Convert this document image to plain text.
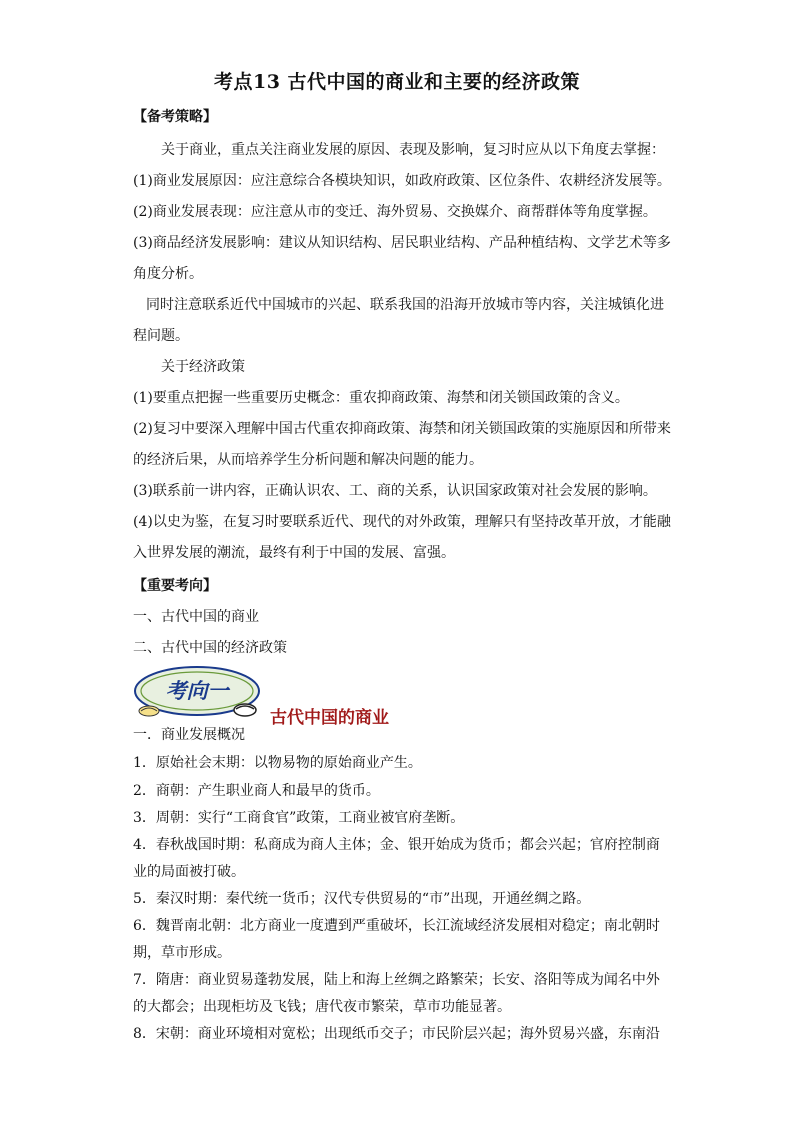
考点13 古代中国的商业和主要的经济政策
【备考策略】
关于商业，重点关注商业发展的原因、表现及影响，复习时应从以下角度去掌握：
(1)商业发展原因：应注意综合各模块知识，如政府政策、区位条件、农耕经济发展等。
(2)商业发展表现：应注意从市的变迁、海外贸易、交换媒介、商帮群体等角度掌握。
(3)商品经济发展影响：建议从知识结构、居民职业结构、产品种植结构、文学艺术等多
角度分析。
同时注意联系近代中国城市的兴起、联系我国的沿海开放城市等内容，关注城镇化进
程问题。
关于经济政策
(1)要重点把握一些重要历史概念：重农抑商政策、海禁和闭关锁国政策的含义。
(2)复习中要深入理解中国古代重农抑商政策、海禁和闭关锁国政策的实施原因和所带来
的经济后果，从而培养学生分析问题和解决问题的能力。
(3)联系前一讲内容，正确认识农、工、商的关系，认识国家政策对社会发展的影响。
(4)以史为鉴，在复习时要联系近代、现代的对外政策，理解只有坚持改革开放，才能融
入世界发展的潮流，最终有利于中国的发展、富强。
【重要考向】
一、古代中国的商业
二、古代中国的经济政策
考向一
古代中国的商业
一．商业发展概况
1．原始社会末期：以物易物的原始商业产生。
2．商朝：产生职业商人和最早的货币。
3．周朝：实行“工商食官”政策，工商业被官府垄断。
4．春秋战国时期：私商成为商人主体；金、银开始成为货币；都会兴起；官府控制商
业的局面被打破。
5．秦汉时期：秦代统一货币；汉代专供贸易的“市”出现，开通丝绸之路。
6．魏晋南北朝：北方商业一度遭到严重破坏，长江流域经济发展相对稳定；南北朝时
期，草市形成。
7．隋唐：商业贸易蓬勃发展，陆上和海上丝绸之路繁荣；长安、洛阳等成为闻名中外
的大都会；出现柜坊及飞钱；唐代夜市繁荣，草市功能显著。
8．宋朝：商业环境相对宽松；出现纸币交子；市民阶层兴起；海外贸易兴盛，东南沿
